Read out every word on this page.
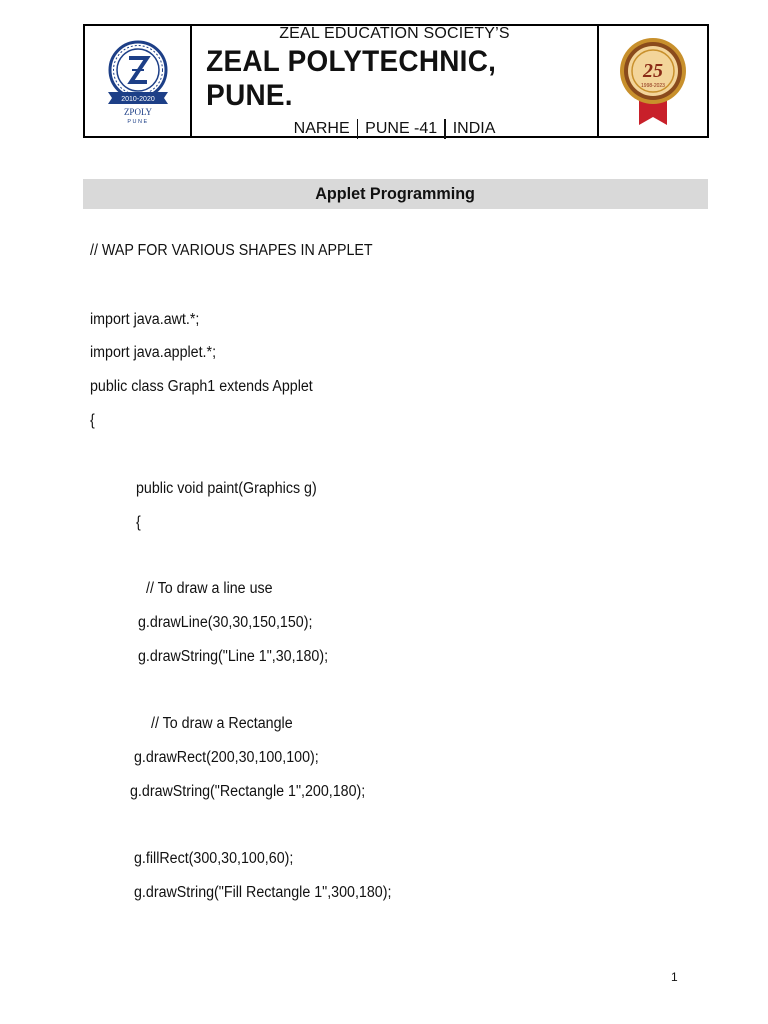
2010-2020
ZPOLY
PUNE
ZEAL EDUCATION SOCIETY’S
ZEAL POLYTECHNIC, PUNE.
NARHE PUNE -41 INDIA
25
1998-2023
Applet Programming
// WAP FOR VARIOUS SHAPES IN APPLET
import java.awt.*;
import java.applet.*;
public class Graph1 extends Applet
{
public void paint(Graphics g)
{
// To draw a line use
g.drawLine(30,30,150,150);
g.drawString("Line 1",30,180);
// To draw a Rectangle
g.drawRect(200,30,100,100);
g.drawString("Rectangle 1",200,180);
g.fillRect(300,30,100,60);
g.drawString("Fill Rectangle 1",300,180);
1
